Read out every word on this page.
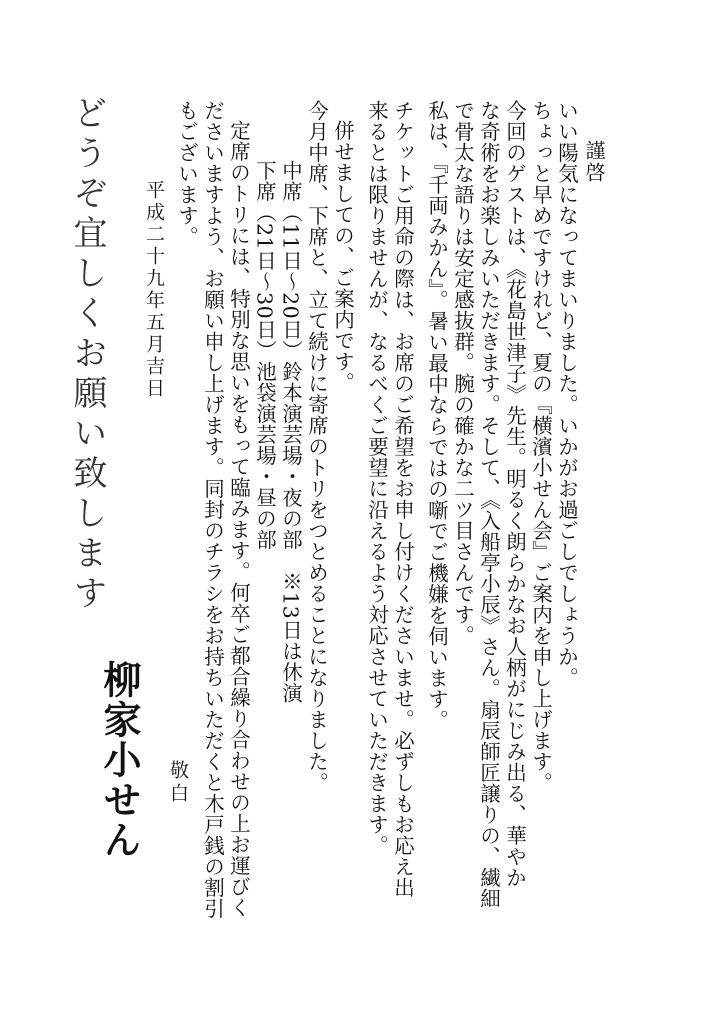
謹啓
いい陽気になってまいりました。いかがお過ごしでしょうか。
ちょっと早めですけれど、夏の『横濱小せん会』ご案内を申し上げます。
今回のゲストは、《花島世津子》先生。明るく朗らかなお人柄がにじみ出る、華やか
な奇術をお楽しみいただきます。そして、《入船亭小辰》さん。扇辰師匠譲りの、繊細
で骨太な語りは安定感抜群。腕の確かな二ツ目さんです。
私は、『千両みかん』。暑い最中ならではの噺でご機嫌を伺います。
チケットご用命の際は、お席のご希望をお申し付けくださいませ。必ずしもお応え出
来るとは限りませんが、なるべくご要望に沿えるよう対応させていただきます。
併せましての、ご案内です。
今月中席、下席と、立て続けに寄席のトリをつとめることになりました。
中席（11日～20日）鈴本演芸場・夜の部　※13日は休演
下席（21日～30日）池袋演芸場・昼の部
定席のトリには、特別な思いをもって臨みます。何卒ご都合繰り合わせの上お運びく
ださいますよう、お願い申し上げます。同封のチラシをお持ちいただくと木戸銭の割引
もございます。
敬白
平成二十九年五月吉日
柳家小せん
どうぞ宜しくお願い致します
